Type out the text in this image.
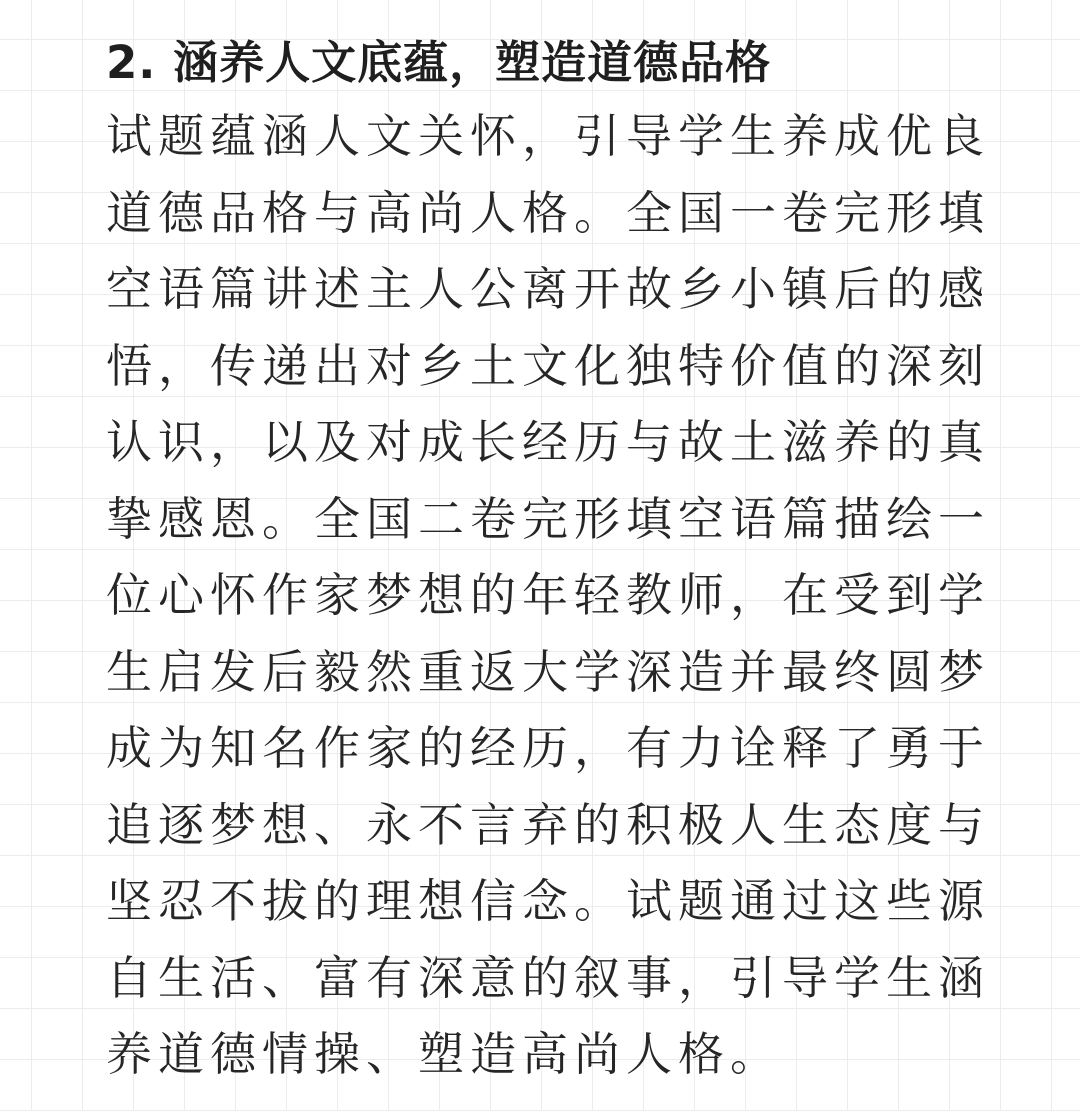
2. 涵养人文底蕴，塑造道德品格
试题蕴涵人文关怀，引导学生养成优良
道德品格与高尚人格。全国一卷完形填
空语篇讲述主人公离开故乡小镇后的感
悟，传递出对乡土文化独特价值的深刻
认识，以及对成长经历与故土滋养的真
挚感恩。全国二卷完形填空语篇描绘一
位心怀作家梦想的年轻教师，在受到学
生启发后毅然重返大学深造并最终圆梦
成为知名作家的经历，有力诠释了勇于
追逐梦想、永不言弃的积极人生态度与
坚忍不拔的理想信念。试题通过这些源
自生活、富有深意的叙事，引导学生涵
养道德情操、塑造高尚人格。
